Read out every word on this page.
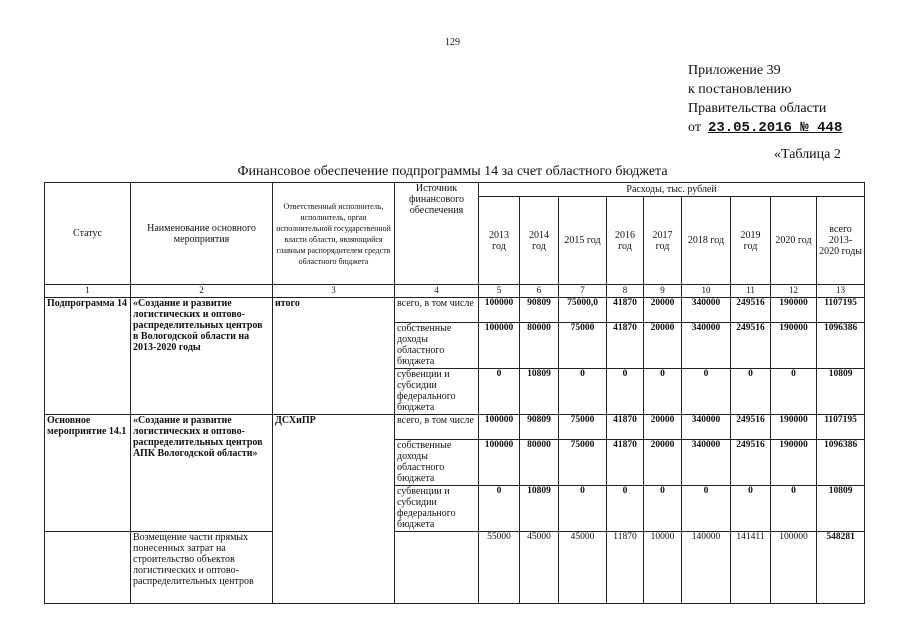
129
Приложение 39
к постановлению
Правительства области
от 23.05.2016 № 448
«Таблица 2
Финансовое обеспечение подпрограммы 14 за счет областного бюджета
Статус	Наименование основного мероприятия	Ответственный исполнитель, исполнитель, орган исполнительной государственной власти области, являющийся главным распорядителем средств областного бюджета	Источник финансового обеспечения	Расходы, тыс. рублей								
				2013 год	2014 год	2015 год	2016 год	2017 год	2018 год	2019 год	2020 год	всего 2013-2020 годы
1	2	3	4	5	6	7	8	9	10	11	12	13
Подпрограмма 14	«Создание и развитие логистических и оптово-распределительных центров в Вологодской области на 2013-2020 годы	итого	всего, в том числе	100000	90809	75000,0	41870	20000	340000	249516	190000	1107195
			собственные доходы областного бюджета	100000	80000	75000	41870	20000	340000	249516	190000	1096386
			субвенции и субсидии федерального бюджета	0	10809	0	0	0	0	0	0	10809
Основное мероприятие 14.1	«Создание и развитие логистических и оптово-распределительных центров АПК Вологодской области»	ДСХиПР	всего, в том числе	100000	90809	75000	41870	20000	340000	249516	190000	1107195
			собственные доходы областного бюджета	100000	80000	75000	41870	20000	340000	249516	190000	1096386
			субвенции и субсидии федерального бюджета	0	10809	0	0	0	0	0	0	10809
	Возмещение части прямых понесенных затрат на строительство объектов логистических и оптово-распределительных центров			55000	45000	45000	11870	10000	140000	141411	100000	548281
